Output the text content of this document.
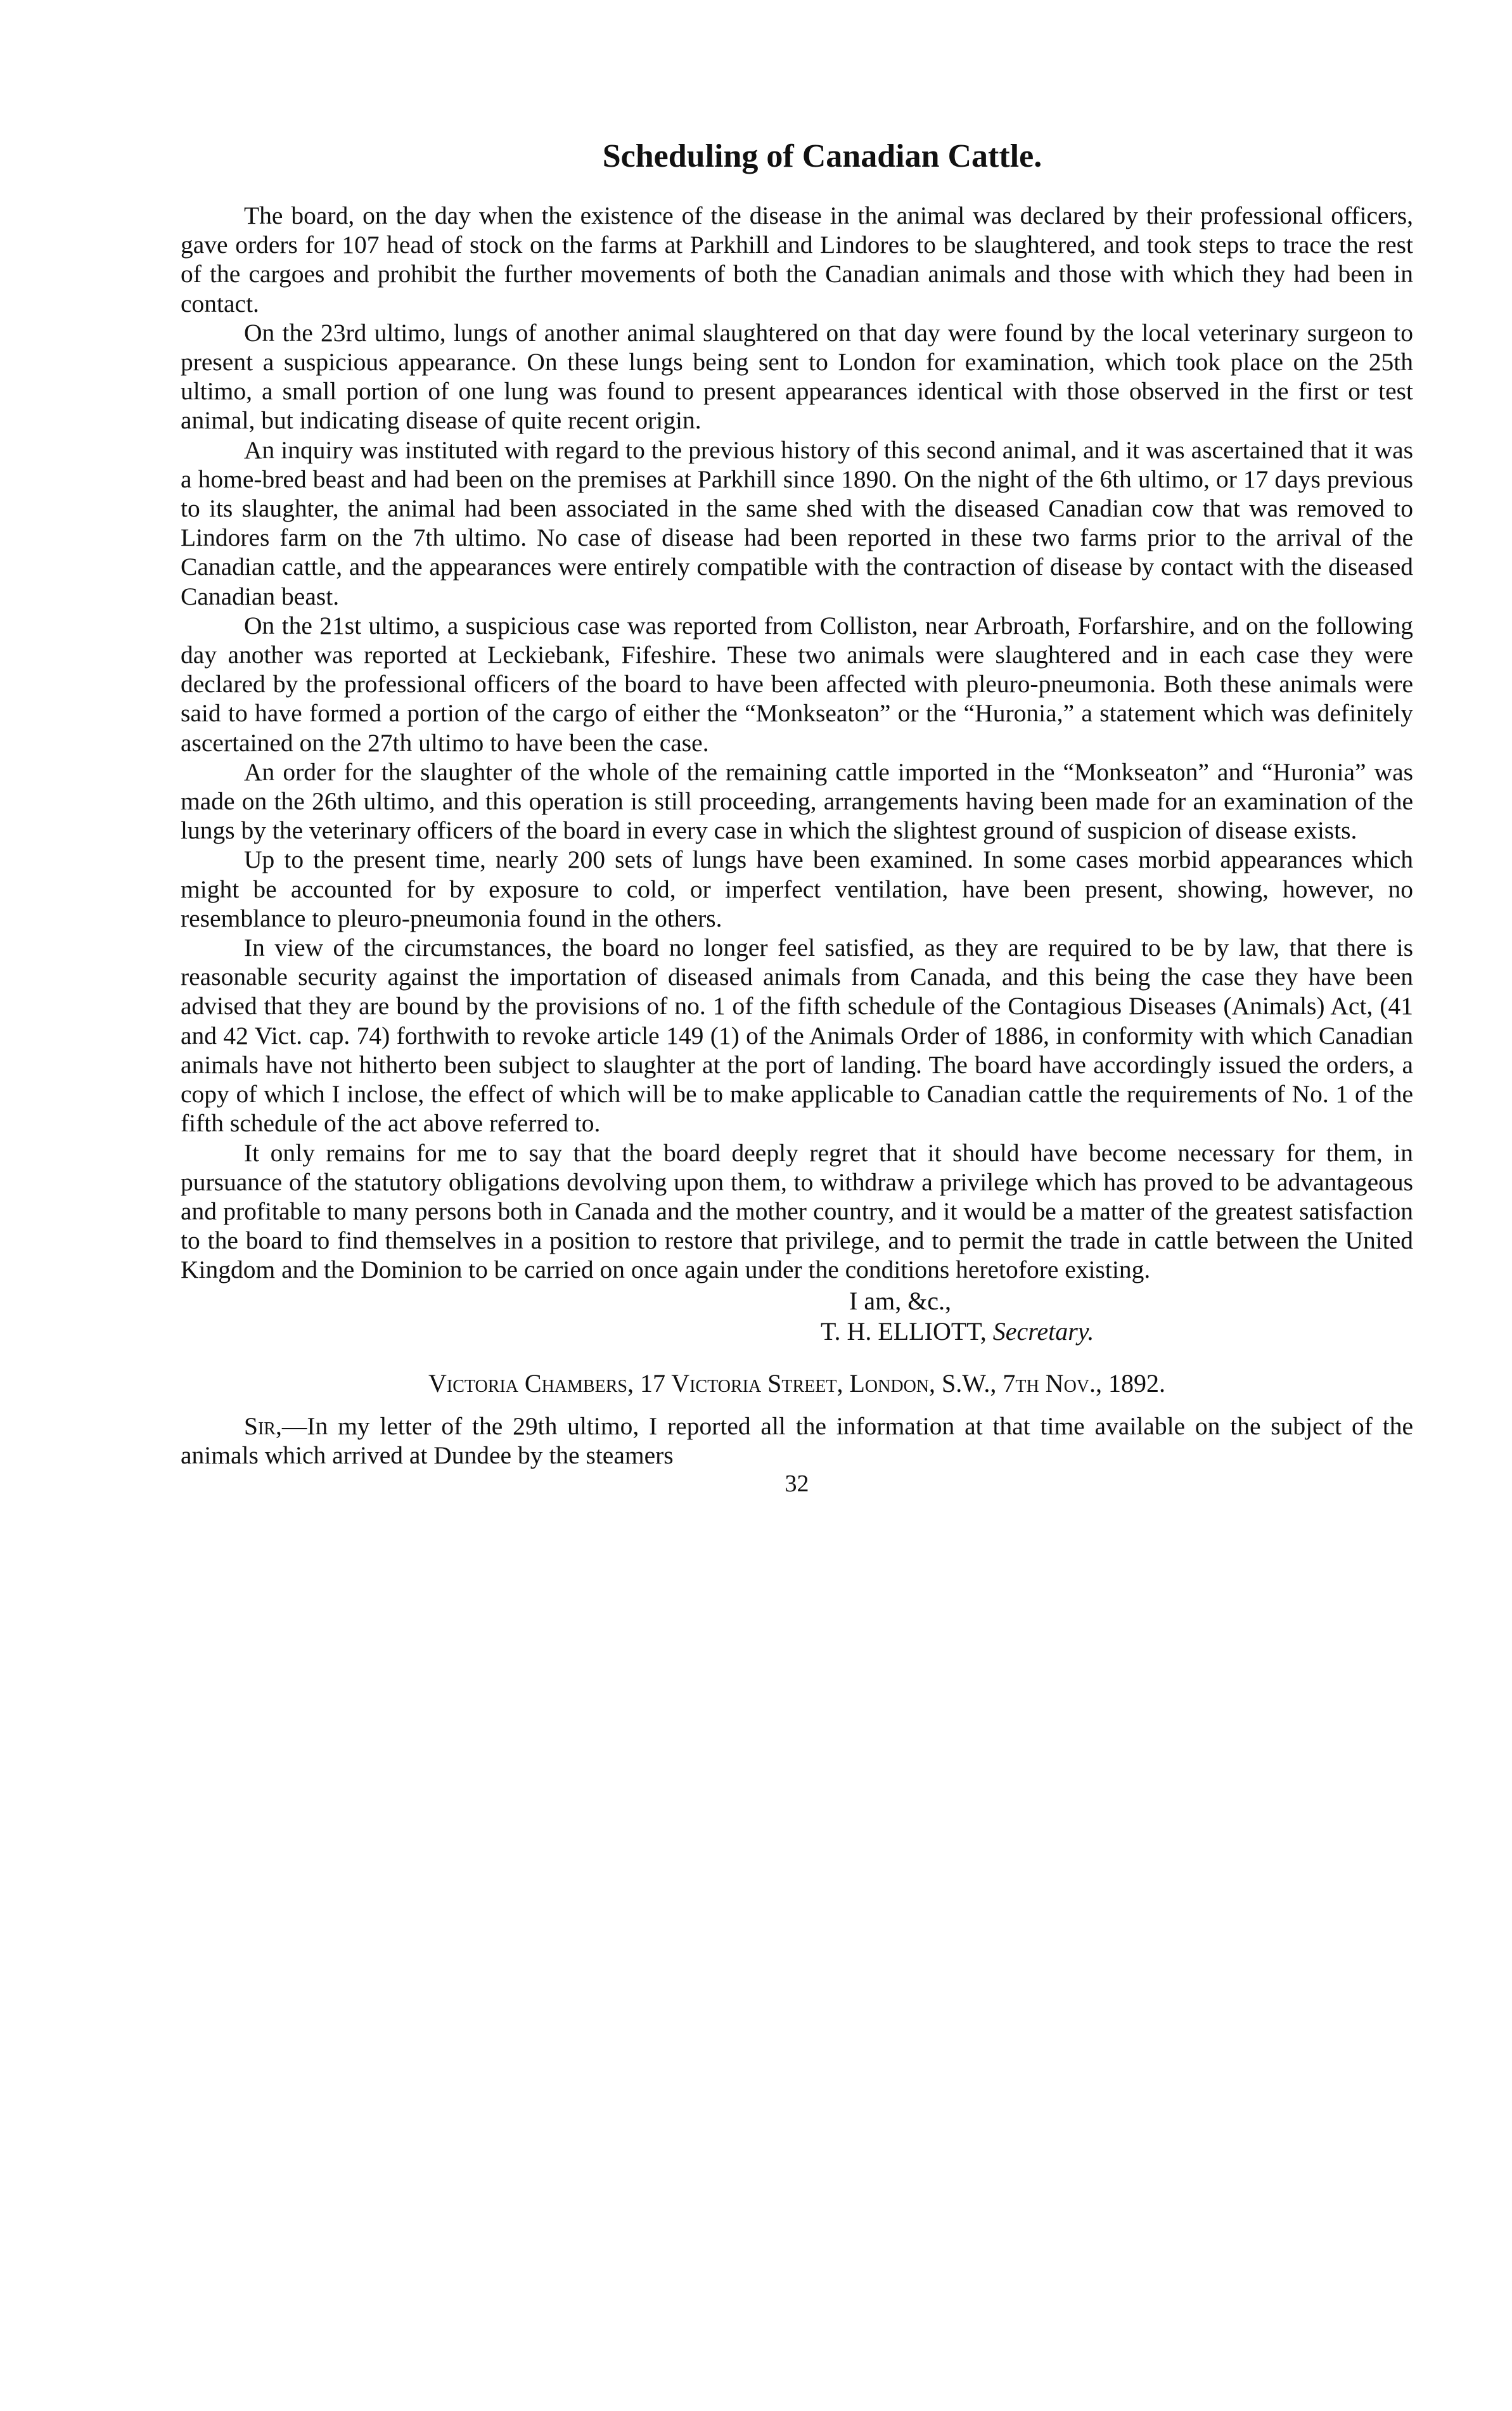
Scheduling of Canadian Cattle.

The board, on the day when the existence of the disease in the animal was declared by their professional officers, gave orders for 107 head of stock on the farms at Parkhill and Lindores to be slaughtered, and took steps to trace the rest of the cargoes and prohibit the further movements of both the Canadian animals and those with which they had been in contact.

On the 23rd ultimo, lungs of another animal slaughtered on that day were found by the local veterinary surgeon to present a suspicious appearance. On these lungs being sent to London for examination, which took place on the 25th ultimo, a small portion of one lung was found to present appearances identical with those observed in the first or test animal, but indicating disease of quite recent origin.

An inquiry was instituted with regard to the previous history of this second animal, and it was ascertained that it was a home-bred beast and had been on the premises at Parkhill since 1890. On the night of the 6th ultimo, or 17 days previous to its slaughter, the animal had been associated in the same shed with the diseased Canadian cow that was removed to Lindores farm on the 7th ultimo. No case of disease had been reported in these two farms prior to the arrival of the Canadian cattle, and the appearances were entirely compatible with the contraction of disease by contact with the diseased Canadian beast.

On the 21st ultimo, a suspicious case was reported from Colliston, near Arbroath, Forfarshire, and on the following day another was reported at Leckiebank, Fifeshire. These two animals were slaughtered and in each case they were declared by the professional officers of the board to have been affected with pleuro-pneumonia. Both these animals were said to have formed a portion of the cargo of either the “Monkseaton” or the “Huronia,” a statement which was definitely ascertained on the 27th ultimo to have been the case.

An order for the slaughter of the whole of the remaining cattle imported in the “Monkseaton” and “Huronia” was made on the 26th ultimo, and this operation is still proceeding, arrangements having been made for an examination of the lungs by the veterinary officers of the board in every case in which the slightest ground of suspicion of disease exists.

Up to the present time, nearly 200 sets of lungs have been examined. In some cases morbid appearances which might be accounted for by exposure to cold, or imperfect ventilation, have been present, showing, however, no resemblance to pleuro-pneumonia found in the others.

In view of the circumstances, the board no longer feel satisfied, as they are required to be by law, that there is reasonable security against the importation of diseased animals from Canada, and this being the case they have been advised that they are bound by the provisions of no. 1 of the fifth schedule of the Contagious Diseases (Animals) Act, (41 and 42 Vict. cap. 74) forthwith to revoke article 149 (1) of the Animals Order of 1886, in conformity with which Canadian animals have not hitherto been subject to slaughter at the port of landing. The board have accordingly issued the orders, a copy of which I inclose, the effect of which will be to make applicable to Canadian cattle the requirements of No. 1 of the fifth schedule of the act above referred to.

It only remains for me to say that the board deeply regret that it should have become necessary for them, in pursuance of the statutory obligations devolving upon them, to withdraw a privilege which has proved to be advantageous and profitable to many persons both in Canada and the mother country, and it would be a matter of the greatest satisfaction to the board to find themselves in a position to restore that privilege, and to permit the trade in cattle between the United Kingdom and the Dominion to be carried on once again under the conditions heretofore existing.

I am, &c.,

T. H. ELLIOTT, Secretary.

Victoria Chambers, 17 Victoria Street, London, S.W., 7th Nov., 1892.

Sir,—In my letter of the 29th ultimo, I reported all the information at that time available on the subject of the animals which arrived at Dundee by the steamers

32
